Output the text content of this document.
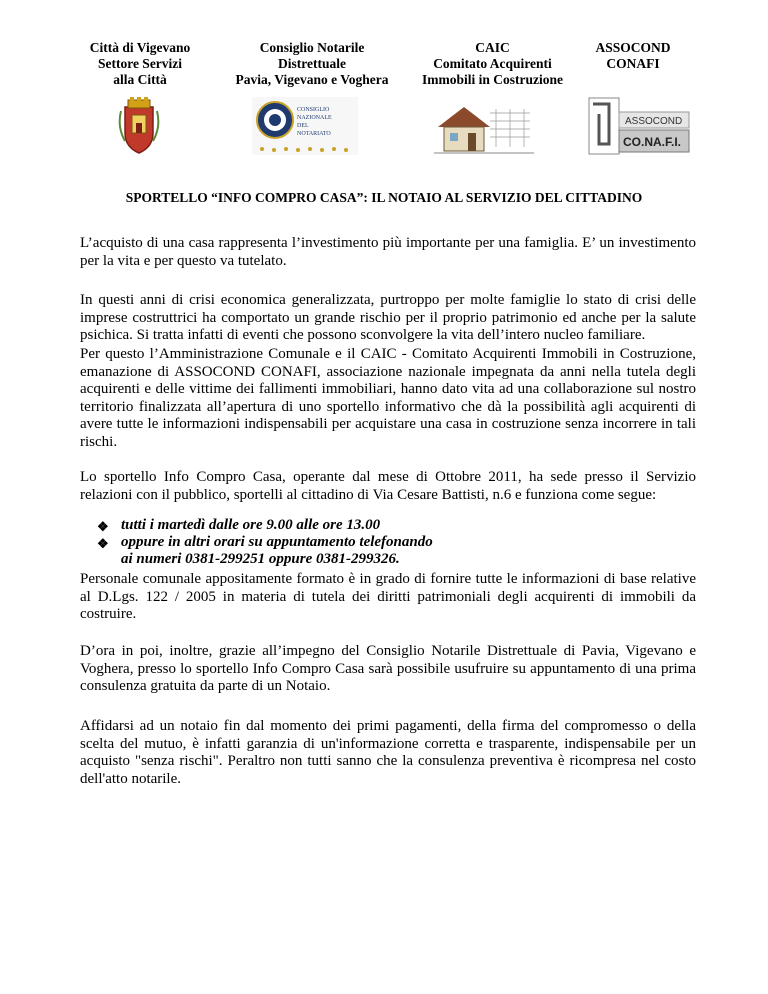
Città di Vigevano
Settore Servizi
alla Città
Consiglio Notarile
Distrettuale
Pavia, Vigevano e Voghera
CAIC
Comitato Acquirenti
Immobili in Costruzione
ASSOCOND
CONAFI
CONSIGLIO
NAZIONALE
DEL
NOTARIATO
ASSOCOND
CO.NA.F.I.
SPORTELLO “INFO COMPRO CASA”: IL NOTAIO AL SERVIZIO DEL CITTADINO

L’acquisto di una casa rappresenta l’investimento più importante per una famiglia. E’ un investimento per la vita e per questo va tutelato.

In questi anni di crisi economica generalizzata, purtroppo per molte famiglie lo stato di crisi delle imprese costruttrici ha comportato un grande rischio per il proprio patrimonio ed anche per la salute psichica. Si tratta infatti di eventi che possono sconvolgere la vita dell’intero nucleo familiare.

Per questo l’Amministrazione Comunale e il CAIC - Comitato Acquirenti Immobili in Costruzione, emanazione di ASSOCOND CONAFI, associazione nazionale impegnata da anni nella tutela degli acquirenti e delle vittime dei fallimenti immobiliari, hanno dato vita ad una collaborazione sul nostro territorio finalizzata all’apertura di uno sportello informativo che dà la possibilità agli acquirenti di avere tutte le informazioni indispensabili per acquistare una casa in costruzione senza incorrere in tali rischi.

Lo sportello Info Compro Casa, operante dal mese di Ottobre 2011, ha sede presso il Servizio relazioni con il pubblico, sportelli al cittadino di Via Cesare Battisti, n.6 e funziona come segue:

❖ tutti i martedì dalle ore 9.00 alle ore 13.00
❖ oppure in altri orari su appuntamento telefonando
ai numeri 0381-299251 oppure 0381-299326.

Personale comunale appositamente formato è in grado di fornire tutte le informazioni di base relative al D.Lgs. 122 / 2005 in materia di tutela dei diritti patrimoniali degli acquirenti di immobili da costruire.

D’ora in poi, inoltre, grazie all’impegno del Consiglio Notarile Distrettuale di Pavia, Vigevano e Voghera, presso lo sportello Info Compro Casa sarà possibile usufruire su appuntamento di una prima consulenza gratuita da parte di un Notaio.

Affidarsi ad un notaio fin dal momento dei primi pagamenti, della firma del compromesso o della scelta del mutuo, è infatti garanzia di un'informazione corretta e trasparente, indispensabile per un acquisto "senza rischi". Peraltro non tutti sanno che la consulenza preventiva è ricompresa nel costo dell'atto notarile.
